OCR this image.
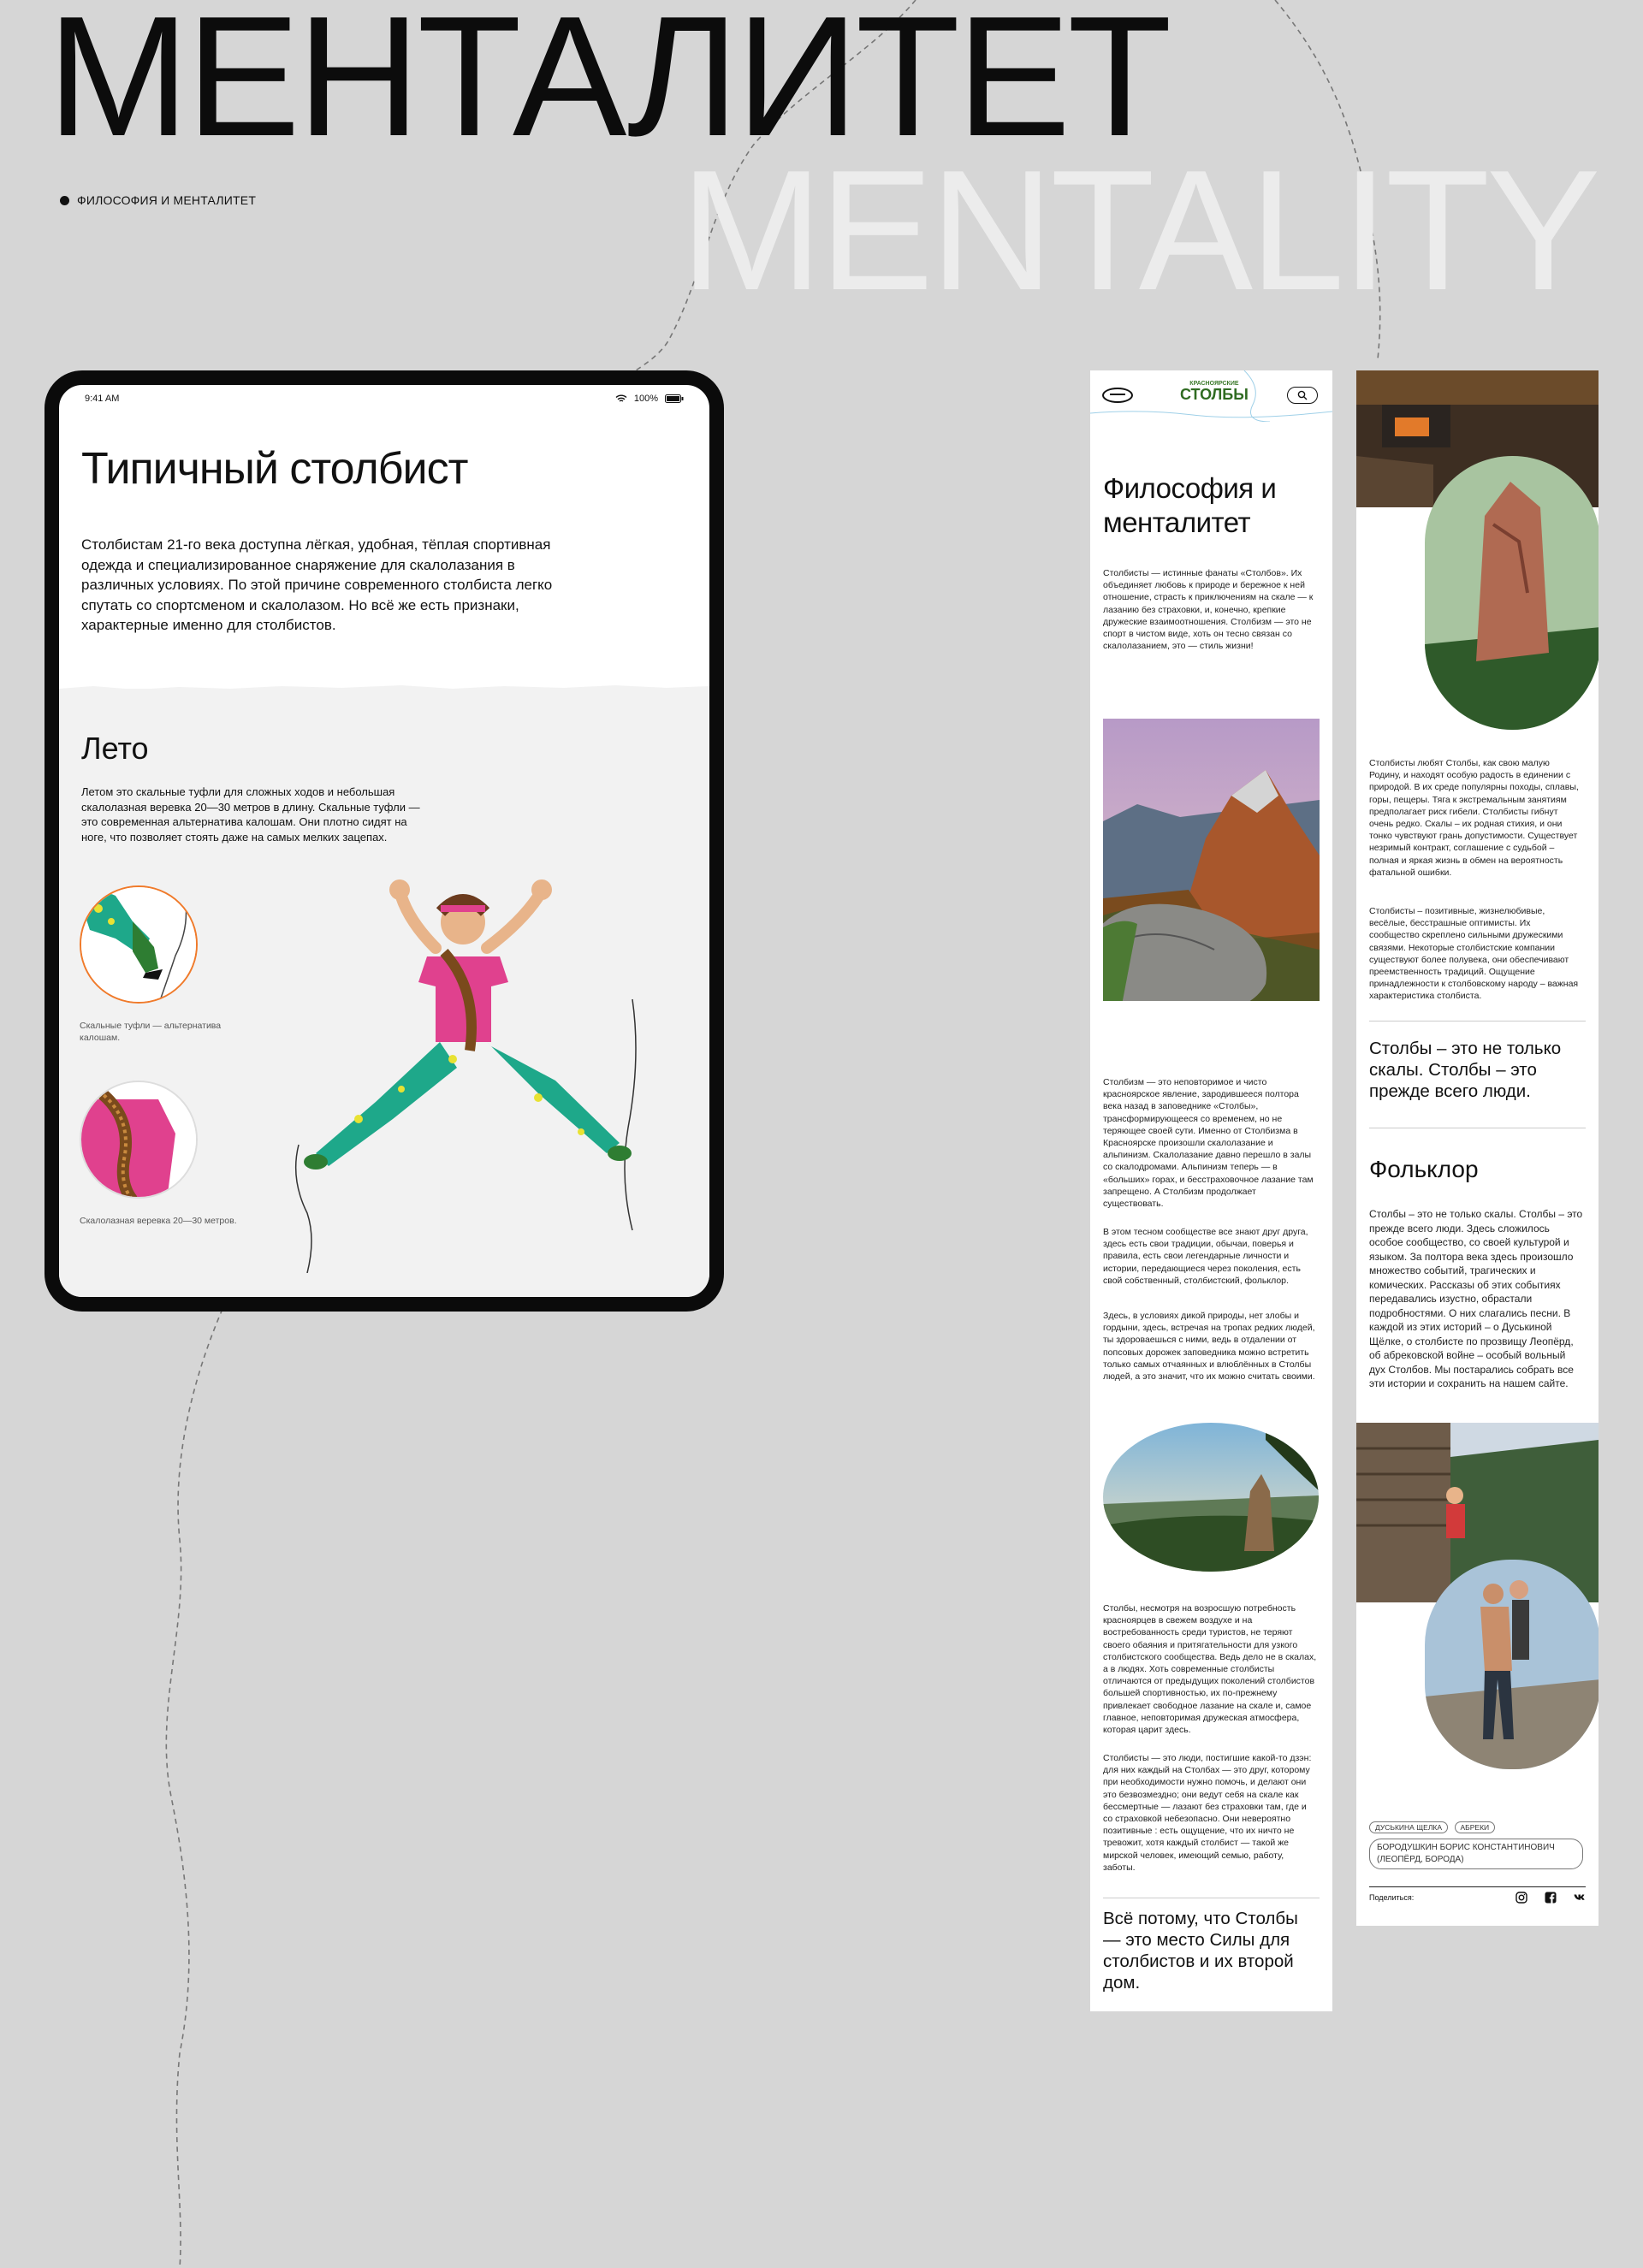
MENTALITY
МЕНТАЛИТЕТ
ФИЛОСОФИЯ И МЕНТАЛИТЕТ
9:41 AM	100%
Типичный столбист
Столбистам 21-го века доступна лёгкая, удобная, тёплая спортивная одежда и специализированное снаряжение для скалолазания в различных условиях. По этой причине современного столбиста легко спутать со спортсменом и скалолазом. Но всё же есть признаки, характерные именно для столбистов.
Лето
Летом это скальные туфли для сложных ходов и небольшая скалолазная веревка 20—30 метров в длину. Скальные туфли — это современная альтернатива калошам. Они плотно сидят на ноге, что позволяет стоять даже на самых мелких зацепах.
Скальные туфли — альтернатива калошам.
Скалолазная веревка 20—30 метров.
КРАСНОЯРСКИЕ
СТОЛБЫ
Философия и менталитет
Столбисты — истинные фанаты «Столбов». Их объединяет любовь к природе и бережное к ней отношение, страсть к приключениям на скале — к лазанию без страховки, и, конечно, крепкие дружеские взаимоотношения. Столбизм — это не спорт в чистом виде, хоть он тесно связан со скалолазанием, это — стиль жизни!
Столбизм — это неповторимое и чисто красноярское явление, зародившееся полтора века назад в заповеднике «Столбы», трансформирующееся со временем, но не теряющее своей сути. Именно от Столбизма в Красноярске произошли скалолазание и альпинизм. Скалолазание давно перешло в залы со скалодромами. Альпинизм теперь — в «больших» горах, и бесстраховочное лазание там запрещено. А Столбизм продолжает существовать.
В этом тесном сообществе все знают друг друга, здесь есть свои традиции, обычаи, поверья и правила, есть свои легендарные личности и истории, передающиеся через поколения, есть свой собственный, столбистский, фольклор.
Здесь, в условиях дикой природы, нет злобы и гордыни, здесь, встречая на тропах редких людей, ты здороваешься с ними, ведь в отдалении от попсовых дорожек заповедника можно встретить только самых отчаянных и влюблённых в Столбы людей, а это значит, что их можно считать своими.
Столбы, несмотря на возросшую потребность красноярцев в свежем воздухе и на востребованность среди туристов, не теряют своего обаяния и притягательности для узкого столбистского сообщества. Ведь дело не в скалах, а в людях. Хоть современные столбисты отличаются от предыдущих поколений столбистов большей спортивностью, их по-прежнему привлекает свободное лазание на скале и, самое главное, неповторимая дружеская атмосфера, которая царит здесь.
Столбисты — это люди, постигшие какой-то дзэн: для них каждый на Столбах — это друг, которому при необходимости нужно помочь, и делают они это безвозмездно; они ведут себя на скале как бессмертные — лазают без страховки там, где и со страховкой небезопасно. Они невероятно позитивные : есть ощущение, что их ничто не тревожит, хотя каждый столбист — такой же мирской человек, имеющий семью, работу, заботы.
Всё потому, что Столбы — это место Силы для столбистов и их второй дом.
Столбисты любят Столбы, как свою малую Родину, и находят особую радость в единении с природой. В их среде популярны походы, сплавы, горы, пещеры. Тяга к экстремальным занятиям предполагает риск гибели. Столбисты гибнут очень редко. Скалы – их родная стихия, и они тонко чувствуют грань допустимости. Существует незримый контракт, соглашение с судьбой – полная и яркая жизнь в обмен на вероятность фатальной ошибки.
Столбисты – позитивные, жизнелюбивые, весёлые, бесстрашные оптимисты. Их сообщество скреплено сильными дружескими связями. Некоторые столбистские компании существуют более полувека, они обеспечивают преемственность традиций. Ощущение принадлежности к столбовскому народу – важная характеристика столбиста.
Столбы – это не только скалы. Столбы – это прежде всего люди.
Фольклор
Столбы – это не только скалы. Столбы – это прежде всего люди. Здесь сложилось особое сообщество, со своей культурой и языком. За полтора века здесь произошло множество событий, трагических и комических. Рассказы об этих событиях передавались изустно, обрастали подробностями. О них слагались песни. В каждой из этих историй – о Дуськиной Щёлке, о столбисте по прозвищу Леопёрд, об абрековской войне – особый вольный дух Столбов. Мы постарались собрать все эти истории и сохранить на нашем сайте.
ДУСЬКИНА ЩЕЛКА	АБРЕКИ
БОРОДУШКИН БОРИС КОНСТАНТИНОВИЧ (ЛЕОПЁРД, БОРОДА)
Поделиться:
